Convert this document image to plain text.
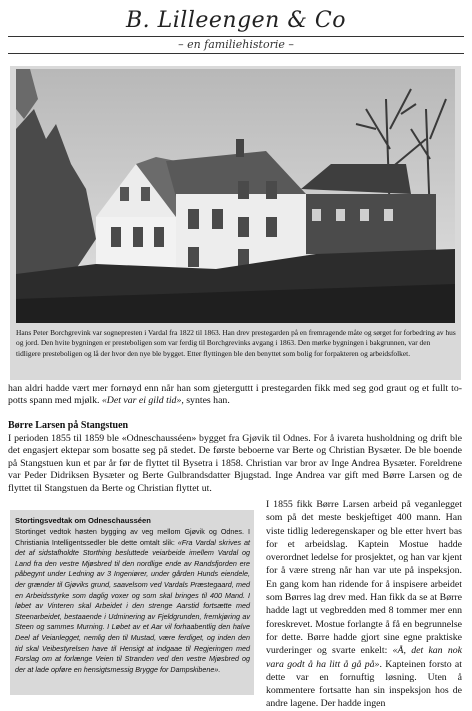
B. Lilleengen & Co
– en familiehistorie –
Hans Peter Borchgrevink var sognepresten i Vardal fra 1822 til 1863. Han drev prestegarden på en fremragende måte og sørget for forbedring av hus og jord. Den hvite bygningen er presteboligen som var ferdig til Borchgrevinks avgang i 1863. Den mørke bygningen i bakgrunnen, var den tidligere presteboligen og lå der hvor den nye ble bygget. Etter flyttingen ble den benyttet som bolig for forpakteren og arbeidsfolket.

han aldri hadde vært mer fornøyd enn når han som gjeterguttt i prestegarden fikk med seg god graut og et fullt to-potts spann med mjølk. «Det var ei gild tid», syntes han.

Børre Larsen på Stangstuen

I perioden 1855 til 1859 ble «Odneschausséen» bygget fra Gjøvik til Odnes. For å ivareta husholdning og drift ble det engasjert ektepar som bosatte seg på stedet. De første beboerne var Berte og Christian Bysæter. De ble boende på Stangstuen kun et par år før de flyttet til Bysetra i 1858. Christian var bror av Inge Andrea Bysæter. Foreldrene var Peder Didriksen Bysæter og Berte Gulbrandsdatter Bjugstad. Inge Andrea var gift med Børre Larsen og de flyttet til Stangstuen da Berte og Christian flyttet ut.

Stortingsvedtak om Odneschausséen
Stortinget vedtok høsten bygging av veg mellom Gjøvik og Odnes. I Christiania Intelligentssedler ble dette omtalt slik: «Fra Vardal skrives at det af sidstafholdte Storthing besluttede veiarbeide imellem Vardal og Land fra den vestre Mjøsbred til den nordlige ende av Randsfjorden ere påbegynt under Ledning av 3 Ingeniører, under gården Hunds eiendele, der grænder til Gjøviks grund, saavelsom ved Vardals Præstegaard, med en Arbeidsstyrke som daglig voxer og som skal bringes til 400 Mand. I løbet av Vinteren skal Arbeidet i den strenge Aarstid fortsætte med Steenarbeidet, bestaaende i Udminering av Fjeldgrunden, fremkjøring av Steen og sammes Murning. I Løbet av et Aar vil forhaabentlig den halve Deel af Veianlegget, nemlig den til Mustad, være ferdiget, og inden den tid skal Veibestyrelsen have til Hensigt at indgaae til Regjeringen med Forslag om at forlænge Veien til Stranden ved den vestre Mjøsbred og der at lade opføre en hensigtsmessig Brygge for Dampskibene».

I 1855 fikk Børre Larsen arbeid på veganlegget som på det meste beskjeftiget 400 mann. Han viste tidlig lederegenskaper og ble etter hvert bas for et arbeidslag. Kaptein Mostue hadde overordnet ledelse for prosjektet, og han var kjent for å være streng når han var ute på inspeksjon. En gang kom han ridende for å inspisere arbeidet som Børres lag drev med. Han fikk da se at Børre hadde lagt ut vegbredden med 8 tommer mer enn foreskrevet. Mostue forlangte å få en begrunnelse for dette. Børre hadde gjort sine egne praktiske vurderinger og svarte enkelt: «Å, det kan nok vara godt å ha litt å gå på». Kapteinen forsto at dette var en fornuftig løsning. Uten å kommentere fortsatte han sin inspeksjon hos de andre lagene. Der hadde ingen
